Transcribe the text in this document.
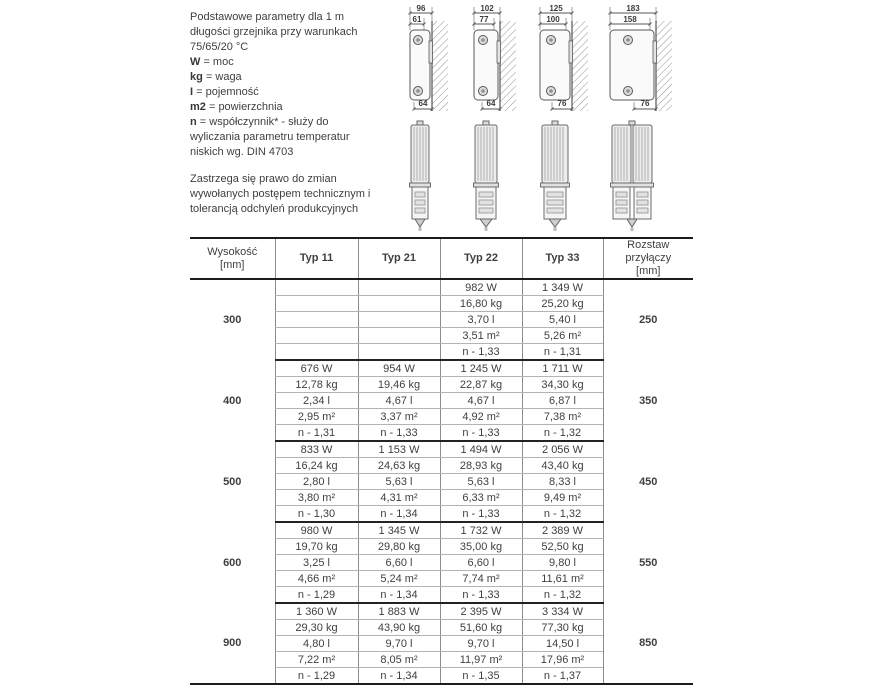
Podstawowe parametry dla 1 m
długości grzejnika przy warunkach
75/65/20 °C
W = moc
kg = waga
I = pojemność
m2 = powierzchnia
n = współczynnik* - służy do
wyliczania parametru temperatur
niskich wg. DIN 4703
Zastrzega się prawo do zmian
wywołanych postępem technicznym i
tolerancją odchyleń produkcyjnych
96
61
64
102
77
64
125
100
76
183
158
76
Wysokość
[mm]
	Typ 11	Typ 21	Typ 22	Typ 33	
Rozstaw przyłączy
[mm]

300			982 W	1 349 W	250
			16,80 kg	25,20 kg	
			3,70 l	5,40 l	
			3,51 m²	5,26 m²	
			n - 1,33	n - 1,31	
400	676 W	954 W	1 245 W	1 711 W	350
	12,78 kg	19,46 kg	22,87 kg	34,30 kg	
	2,34 l	4,67 l	4,67 l	6,87 l	
	2,95 m²	3,37 m²	4,92 m²	7,38 m²	
	n - 1,31	n - 1,33	n - 1,33	n - 1,32	
500	833 W	1 153 W	1 494 W	2 056 W	450
	16,24 kg	24,63 kg	28,93 kg	43,40 kg	
	2,80 l	5,63 l	5,63 l	8,33 l	
	3,80 m²	4,31 m²	6,33 m²	9,49 m²	
	n - 1,30	n - 1,34	n - 1,33	n - 1,32	
600	980 W	1 345 W	1 732 W	2 389 W	550
	19,70 kg	29,80 kg	35,00 kg	52,50 kg	
	3,25 l	6,60 l	6,60 l	9,80 l	
	4,66 m²	5,24 m²	7,74 m²	11,61 m²	
	n - 1,29	n - 1,34	n - 1,33	n - 1,32	
900	1 360 W	1 883 W	2 395 W	3 334 W	850
	29,30 kg	43,90 kg	51,60 kg	77,30 kg	
	4,80 l	9,70 l	9,70 l	14,50 l	
	7,22 m²	8,05 m²	11,97 m²	17,96 m²	
	n - 1,29	n - 1,34	n - 1,35	n - 1,37	
